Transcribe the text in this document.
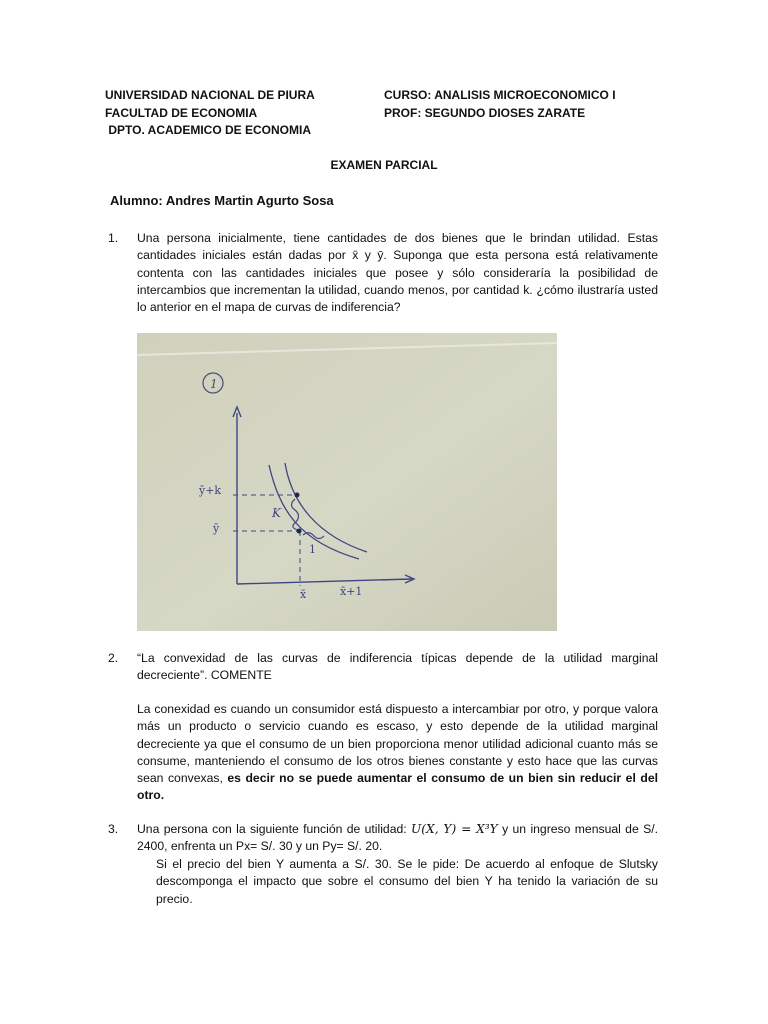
UNIVERSIDAD NACIONAL DE PIURA
FACULTAD DE ECONOMIA
DPTO. ACADEMICO DE ECONOMIA
CURSO: ANALISIS MICROECONOMICO I
PROF: SEGUNDO DIOSES ZARATE
EXAMEN PARCIAL
Alumno: Andres Martin Agurto Sosa
1. Una persona inicialmente, tiene cantidades de dos bienes que le brindan utilidad. Estas cantidades iniciales están dadas por x̄ y ȳ. Suponga que esta persona está relativamente contenta con las cantidades iniciales que posee y sólo consideraría la posibilidad de intercambios que incrementan la utilidad, cuando menos, por cantidad k. ¿cómo ilustraría usted lo anterior en el mapa de curvas de indiferencia?
1
ȳ+k
ȳ
x̄	x̄+1
K
1
2. “La convexidad de las curvas de indiferencia típicas depende de la utilidad marginal decreciente”. COMENTE
La conexidad es cuando un consumidor está dispuesto a intercambiar por otro, y porque valora más un producto o servicio cuando es escaso, y esto depende de la utilidad marginal decreciente ya que el consumo de un bien proporciona menor utilidad adicional cuanto más se consume, manteniendo el consumo de los otros bienes constante y esto hace que las curvas sean convexas, es decir no se puede aumentar el consumo de un bien sin reducir el del otro.
3. Una persona con la siguiente función de utilidad: U(X, Y) = X³Y y un ingreso mensual de S/. 2400, enfrenta un Px= S/. 30 y un Py= S/. 20.
Si el precio del bien Y aumenta a S/. 30. Se le pide: De acuerdo al enfoque de Slutsky descomponga el impacto que sobre el consumo del bien Y ha tenido la variación de su precio.
